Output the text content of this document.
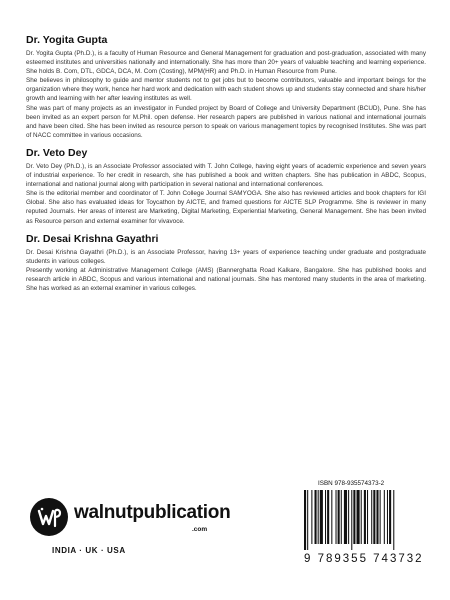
Dr. Yogita Gupta

Dr. Yogita Gupta (Ph.D.), is a faculty of Human Resource and General Management for graduation and post-graduation, associated with many esteemed institutes and universities nationally and internationally. She has more than 20+ years of valuable teaching and learning experience. She holds B. Com, DTL, GDCA, DCA, M. Com (Costing), MPM(HR) and Ph.D. in Human Resource from Pune.

She believes in philosophy to guide and mentor students not to get jobs but to become contributors, valuable and important beings for the organization where they work, hence her hard work and dedication with each student shows up and students stay connected and share his/her growth and learning with her after leaving institutes as well.

She was part of many projects as an investigator in Funded project by Board of College and University Department (BCUD), Pune. She has been invited as an expert person for M.Phil. open defense. Her research papers are published in various national and international journals and have been cited. She has been invited as resource person to speak on various management topics by recognised Institutes. She was part of NACC committee in various occasions.

Dr. Veto Dey

Dr. Veto Dey (Ph.D.), is an Associate Professor associated with T. John College, having eight years of academic experience and seven years of industrial experience. To her credit in research, she has published a book and written chapters. She has publication in ABDC, Scopus, international and national journal along with participation in several national and international conferences.

She is the editorial member and coordinator of T. John College Journal SAMYOGA. She also has reviewed articles and book chapters for IGI Global. She also has evaluated ideas for Toycathon by AICTE, and framed questions for AICTE SLP Programme. She is reviewer in many reputed Journals. Her areas of interest are Marketing, Digital Marketing, Experiential Marketing, General Management. She has been invited as Resource person and external examiner for vivavoce.

Dr. Desai Krishna Gayathri

Dr. Desai Krishna Gayathri (Ph.D.), is an Associate Professor, having 13+ years of experience teaching under graduate and postgraduate students in various colleges.

Presently working at Administrative Management College (AMS) (Bannerghatta Road Kalkare, Bangalore. She has published books and research article in ABDC, Scopus and various international and national journals. She has mentored many students in the area of marketing. She has worked as an external examiner in various colleges.

walnutpublication
.com
INDIA · UK · USA
ISBN 978-935574373-2
9 789355 743732
